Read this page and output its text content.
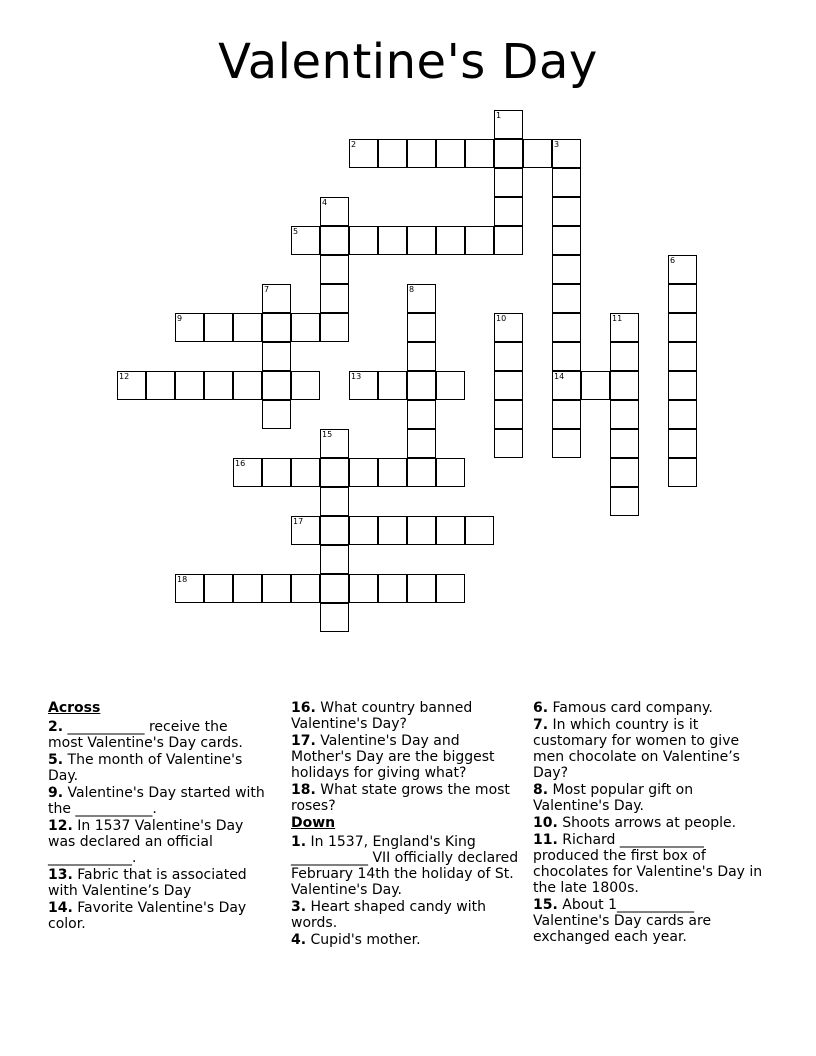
Valentine's Day
1
2	3
14
4
5
6
7	8
9	10	11
12	13
15
16
17
18
Across
2. ___________ receive the most Valentine's Day cards.
5. The month of Valentine's Day.
9. Valentine's Day started with the ___________.
12. In 1537 Valentine's Day was declared an official ____________.
13. Fabric that is associated with Valentine’s Day
14. Favorite Valentine's Day color.
16. What country banned Valentine's Day?
17. Valentine's Day and Mother's Day are the biggest holidays for giving what?
18. What state grows the most roses?
Down
1. In 1537, England's King ___________ VII officially declared February 14th the holiday of St. Valentine's Day.
3. Heart shaped candy with words.
4. Cupid's mother.
6. Famous card company.
7. In which country is it customary for women to give men chocolate on Valentine’s Day?
8. Most popular gift on Valentine's Day.
10. Shoots arrows at people.
11. Richard ____________ produced the first box of chocolates for Valentine's Day in the late 1800s.
15. About 1___________ Valentine's Day cards are exchanged each year.
